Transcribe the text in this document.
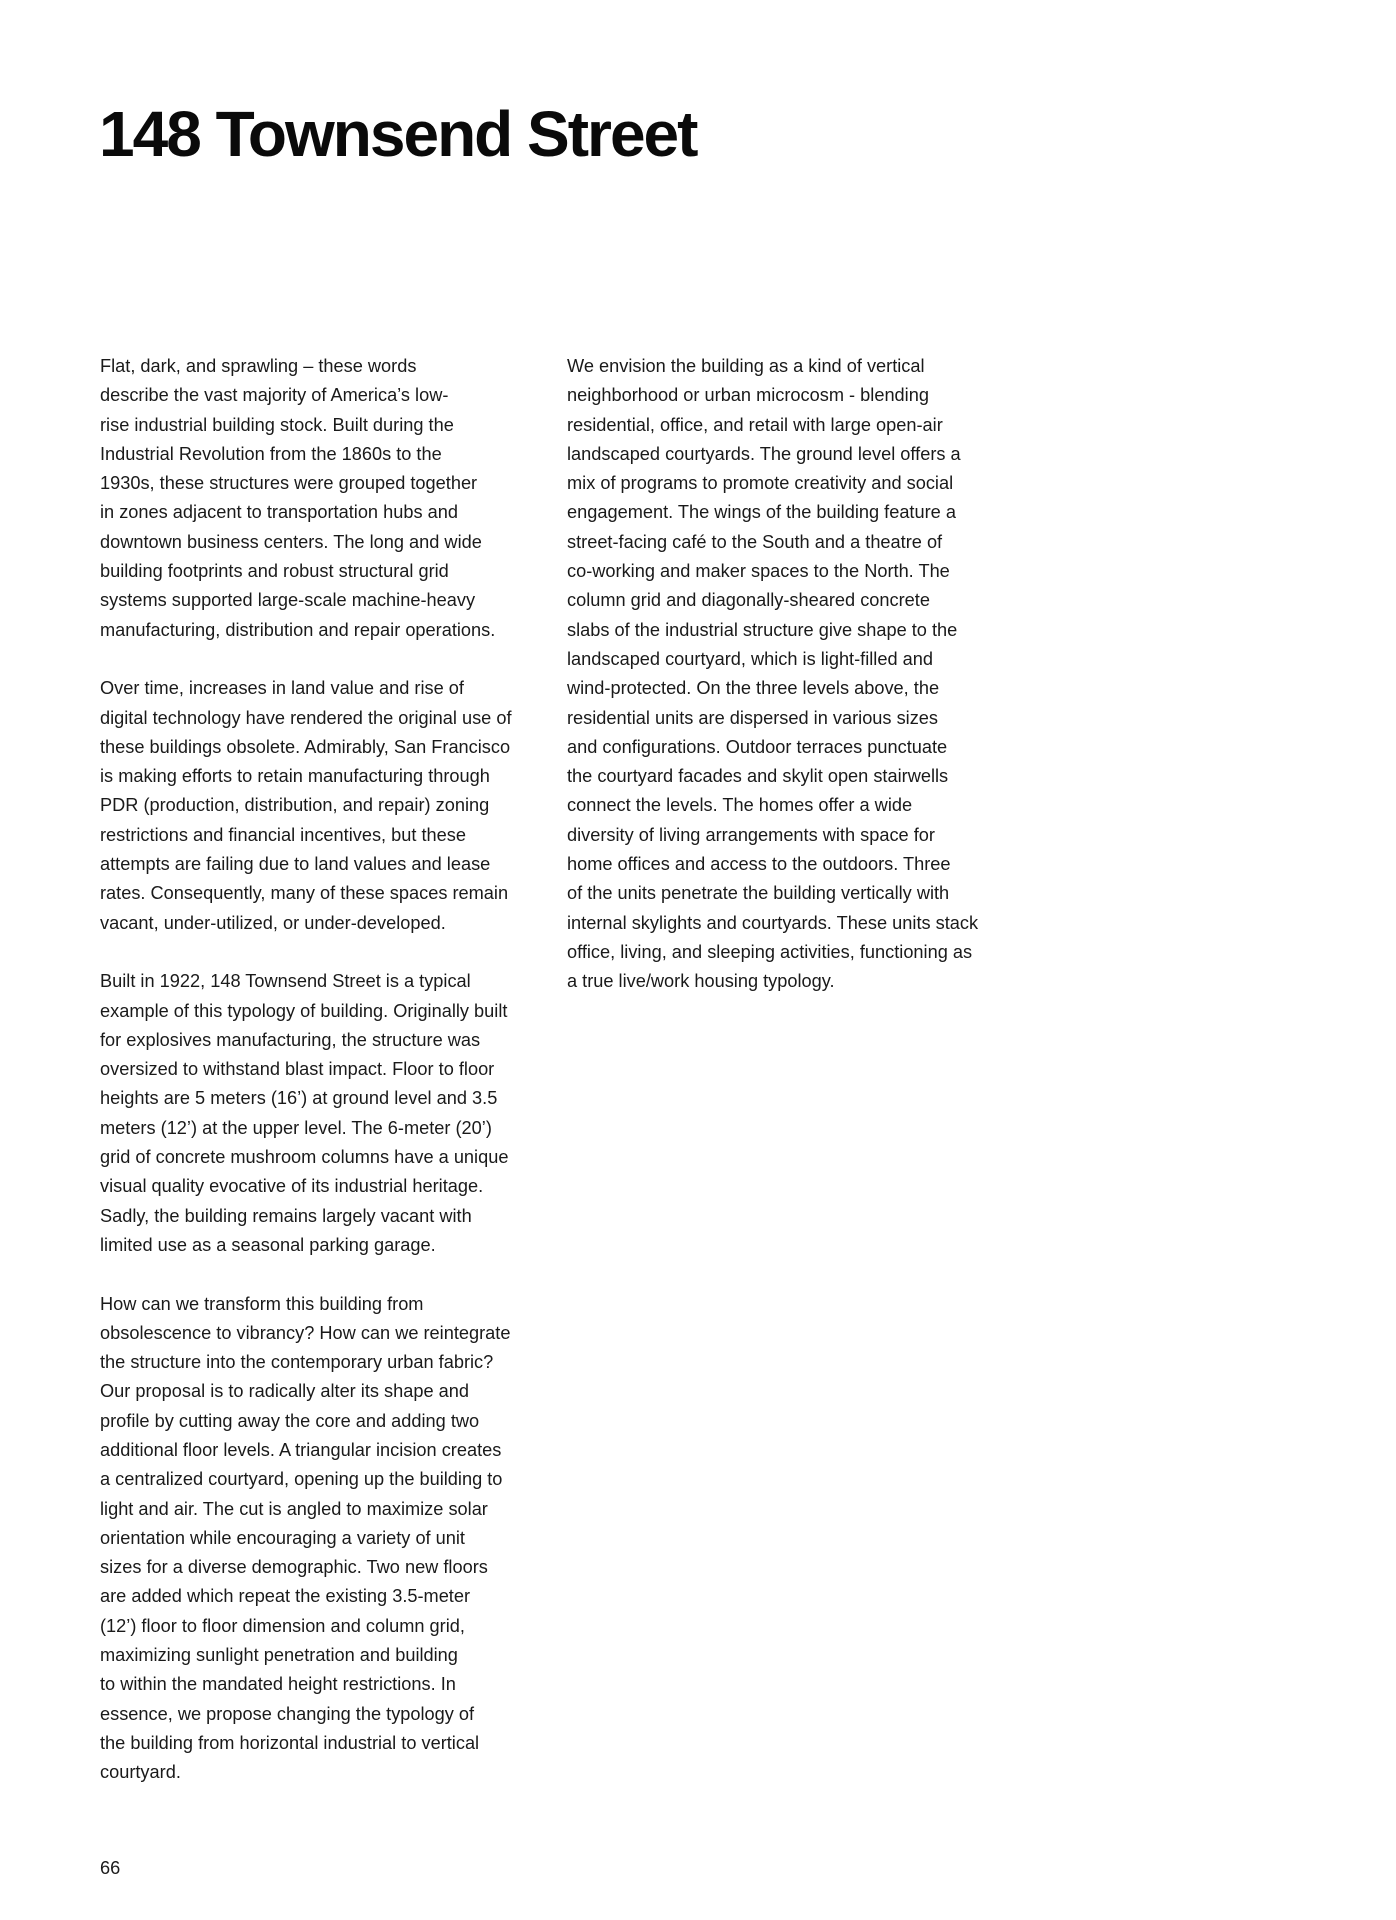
148 Townsend Street
Flat, dark, and sprawling – these words
describe the vast majority of America’s low-
rise industrial building stock. Built during the
Industrial Revolution from the 1860s to the
1930s, these structures were grouped together
in zones adjacent to transportation hubs and
downtown business centers. The long and wide
building footprints and robust structural grid
systems supported large-scale machine-heavy
manufacturing, distribution and repair operations.
Over time, increases in land value and rise of
digital technology have rendered the original use of
these buildings obsolete. Admirably, San Francisco
is making efforts to retain manufacturing through
PDR (production, distribution, and repair) zoning
restrictions and financial incentives, but these
attempts are failing due to land values and lease
rates. Consequently, many of these spaces remain
vacant, under-utilized, or under-developed.
Built in 1922, 148 Townsend Street is a typical
example of this typology of building. Originally built
for explosives manufacturing, the structure was
oversized to withstand blast impact. Floor to floor
heights are 5 meters (16’) at ground level and 3.5
meters (12’) at the upper level. The 6-meter (20’)
grid of concrete mushroom columns have a unique
visual quality evocative of its industrial heritage.
Sadly, the building remains largely vacant with
limited use as a seasonal parking garage.
How can we transform this building from
obsolescence to vibrancy? How can we reintegrate
the structure into the contemporary urban fabric?
Our proposal is to radically alter its shape and
profile by cutting away the core and adding two
additional floor levels. A triangular incision creates
a centralized courtyard, opening up the building to
light and air. The cut is angled to maximize solar
orientation while encouraging a variety of unit
sizes for a diverse demographic. Two new floors
are added which repeat the existing 3.5-meter
(12’) floor to floor dimension and column grid,
maximizing sunlight penetration and building
to within the mandated height restrictions. In
essence, we propose changing the typology of
the building from horizontal industrial to vertical
courtyard.
We envision the building as a kind of vertical
neighborhood or urban microcosm - blending
residential, office, and retail with large open-air
landscaped courtyards. The ground level offers a
mix of programs to promote creativity and social
engagement. The wings of the building feature a
street-facing café to the South and a theatre of
co-working and maker spaces to the North. The
column grid and diagonally-sheared concrete
slabs of the industrial structure give shape to the
landscaped courtyard, which is light-filled and
wind-protected. On the three levels above, the
residential units are dispersed in various sizes
and configurations. Outdoor terraces punctuate
the courtyard facades and skylit open stairwells
connect the levels. The homes offer a wide
diversity of living arrangements with space for
home offices and access to the outdoors. Three
of the units penetrate the building vertically with
internal skylights and courtyards. These units stack
office, living, and sleeping activities, functioning as
a true live/work housing typology.
66
